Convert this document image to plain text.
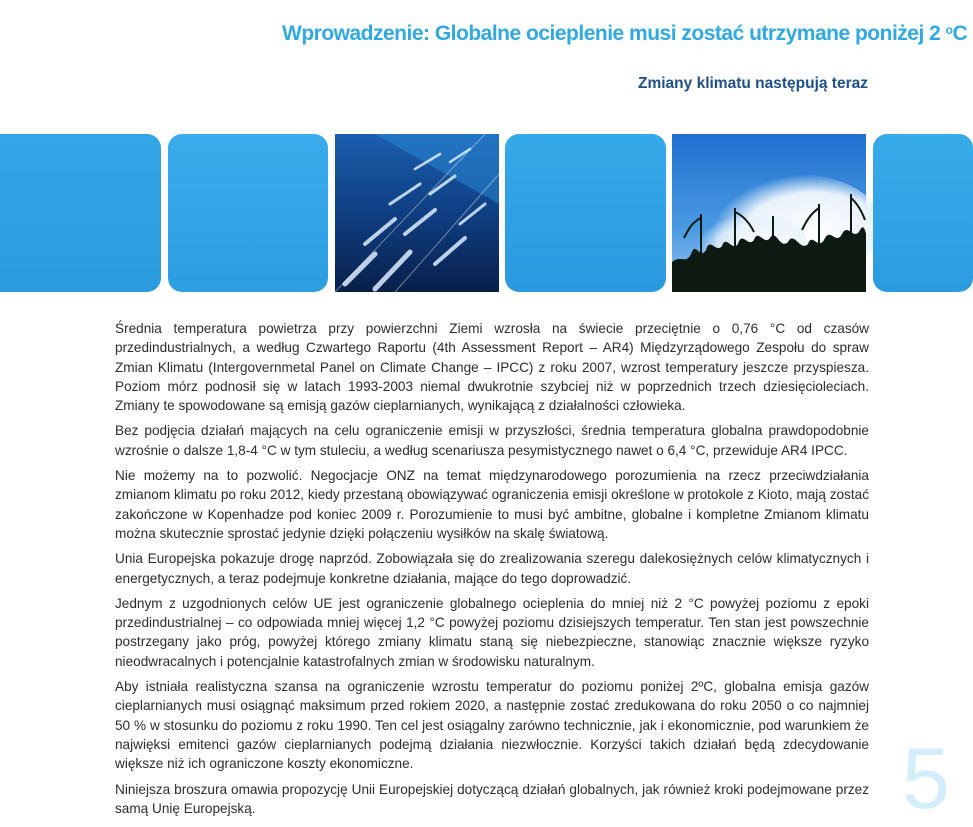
Wprowadzenie: Globalne ocieplenie musi zostać utrzymane poniżej 2 $^o$C
Zmiany klimatu następują teraz

Średnia temperatura powietrza przy powierzchni Ziemi wzrosła na świecie przeciętnie o 0,76 °C od czasów przedindustrialnych, a według Czwartego Raportu (4th Assessment Report – AR4) Międzyrządowego Zespołu do spraw Zmian Klimatu (Intergovernmetal Panel on Climate Change – IPCC) z roku 2007, wzrost temperatury jeszcze przyspiesza. Poziom mórz podnosił się w latach 1993-2003 niemal dwukrotnie szybciej niż w poprzednich trzech dziesięcioleciach. Zmiany te spowodowane są emisją gazów cieplarnianych, wynikającą z działalności człowieka.

Bez podjęcia działań mających na celu ograniczenie emisji w przyszłości, średnia temperatura globalna prawdopodobnie wzrośnie o dalsze 1,8-4 °C w tym stuleciu, a według scenariusza pesymistycznego nawet o 6,4 °C, przewiduje AR4 IPCC.

Nie możemy na to pozwolić. Negocjacje ONZ na temat międzynarodowego porozumienia na rzecz przeciwdziałania zmianom klimatu po roku 2012, kiedy przestaną obowiązywać ograniczenia emisji określone w protokole z Kioto, mają zostać zakończone w Kopenhadze pod koniec 2009 r. Porozumienie to musi być ambitne, globalne i kompletne Zmianom klimatu można skutecznie sprostać jedynie dzięki połączeniu wysiłków na skalę światową.

Unia Europejska pokazuje drogę naprzód. Zobowiązała się do zrealizowania szeregu dalekosiężnych celów klimatycznych i energetycznych, a teraz podejmuje konkretne działania, mające do tego doprowadzić.

Jednym z uzgodnionych celów UE jest ograniczenie globalnego ocieplenia do mniej niż 2 °C powyżej poziomu z epoki przedindustrialnej – co odpowiada mniej więcej 1,2 °C powyżej poziomu dzisiejszych temperatur. Ten stan jest powszechnie postrzegany jako próg, powyżej którego zmiany klimatu staną się niebezpieczne, stanowiąc znacznie większe ryzyko nieodwracalnych i potencjalnie katastrofalnych zmian w środowisku naturalnym.

Aby istniała realistyczna szansa na ograniczenie wzrostu temperatur do poziomu poniżej 2ºC, globalna emisja gazów cieplarnianych musi osiągnąć maksimum przed rokiem 2020, a następnie zostać zredukowana do roku 2050 o co najmniej 50 % w stosunku do poziomu z roku 1990. Ten cel jest osiągalny zarówno technicznie, jak i ekonomicznie, pod warunkiem że najwięksi emitenci gazów cieplarnianych podejmą działania niezwłocznie. Korzyści takich działań będą zdecydowanie większe niż ich ograniczone koszty ekonomiczne.

Niniejsza broszura omawia propozycję Unii Europejskiej dotyczącą działań globalnych, jak również kroki podejmowane przez samą Unię Europejską.	5
